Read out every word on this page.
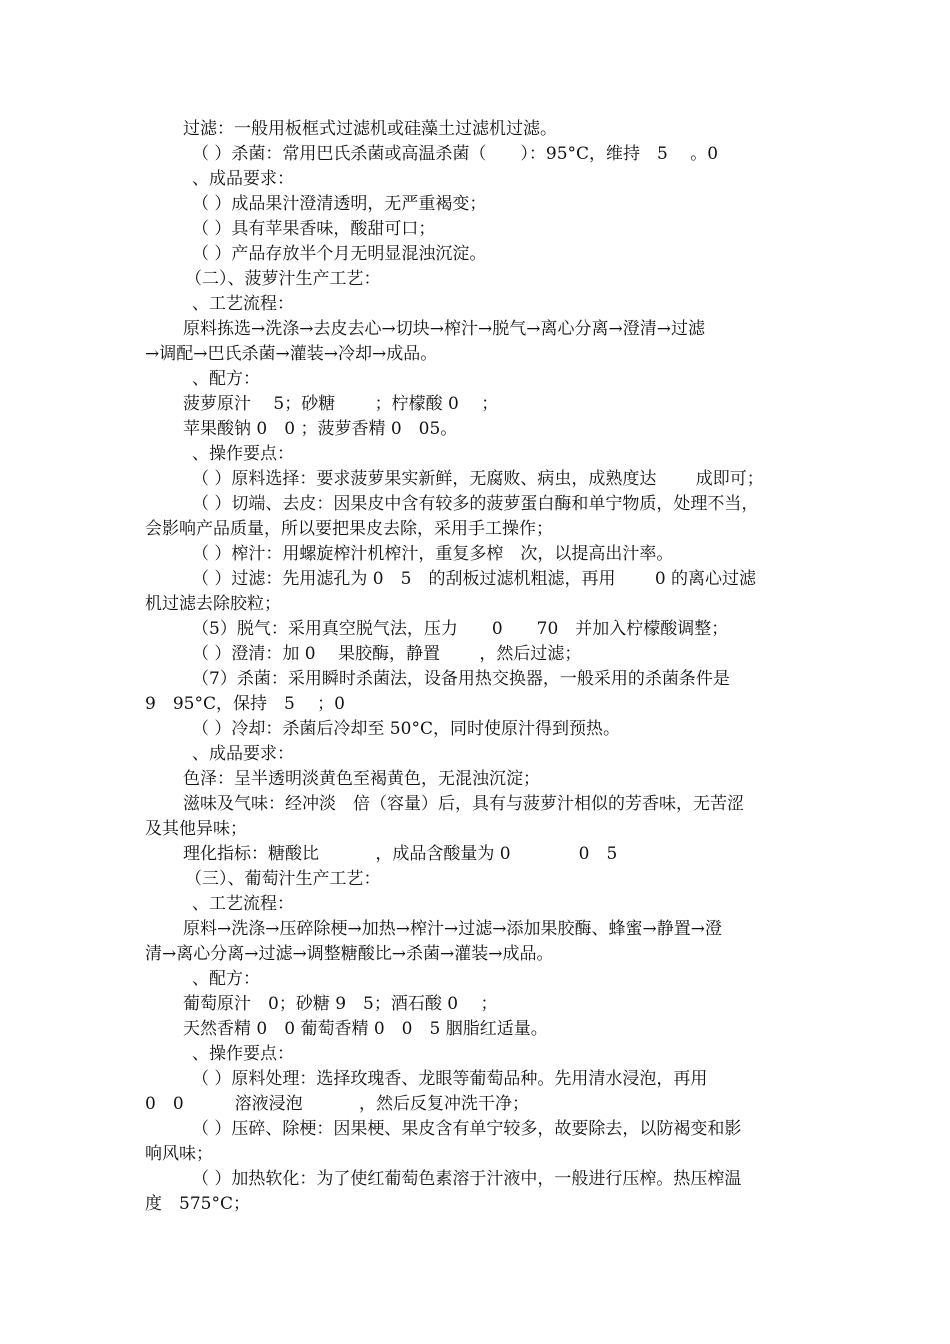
过滤：一般用板框式过滤机或硅藻土过滤机过滤。
（ ）杀菌：常用巴氏杀菌或高温杀菌（　　）：95°C，维持　5　 。0
、成品要求：
（ ）成品果汁澄清透明，无严重褐变；
（ ）具有苹果香味，酸甜可口；
（ ）产品存放半个月无明显混浊沉淀。
（二）、菠萝汁生产工艺：
、工艺流程：
原料拣选→洗涤→去皮去心→切块→榨汁→脱气→离心分离→澄清→过滤
→调配→巴氏杀菌→灌装→冷却→成品。
、配方：
菠萝原汁　 5；砂糖　　 ；柠檬酸 0　 ；
苹果酸钠 0　0 ；菠萝香精 0　05。
、操作要点：
（ ）原料选择：要求菠萝果实新鲜，无腐败、病虫，成熟度达　　 成即可；
（ ）切端、去皮：因果皮中含有较多的菠萝蛋白酶和单宁物质，处理不当，
会影响产品质量，所以要把果皮去除，采用手工操作；
（ ）榨汁：用螺旋榨汁机榨汁，重复多榨　次，以提高出汁率。
（ ）过滤：先用滤孔为 0　5　的刮板过滤机粗滤，再用　　 0 的离心过滤
机过滤去除胶粒；
（5）脱气：采用真空脱气法，压力　　0　　70　并加入柠檬酸调整；
（ ）澄清：加 0　 果胶酶，静置　　 ，然后过滤；
（7）杀菌：采用瞬时杀菌法，设备用热交换器，一般采用的杀菌条件是
9　95°C，保持　5　 ；0
（ ）冷却：杀菌后冷却至 50°C，同时使原汁得到预热。
、成品要求：
色泽：呈半透明淡黄色至褐黄色，无混浊沉淀；
滋味及气味：经冲淡　倍（容量）后，具有与菠萝汁相似的芳香味，无苦涩
及其他异味；
理化指标：糖酸比　　　 ，成品含酸量为 0　　　　0　5
（三）、葡萄汁生产工艺：
、工艺流程：
原料→洗涤→压碎除梗→加热→榨汁→过滤→添加果胶酶、蜂蜜→静置→澄
清→离心分离→过滤→调整糖酸比→杀菌→灌装→成品。
、配方：
葡萄原汁　0；砂糖 9　5；酒石酸 0　 ；
天然香精 0　0 葡萄香精 0　0　5 胭脂红适量。
、操作要点：
（ ）原料处理：选择玫瑰香、龙眼等葡萄品种。先用清水浸泡，再用
0　0　　　溶液浸泡　　　 ，然后反复冲洗干净；
（ ）压碎、除梗：因果梗、果皮含有单宁较多，故要除去，以防褐变和影
响风味；
（ ）加热软化：为了使红葡萄色素溶于汁液中，一般进行压榨。热压榨温
度　575°C；
